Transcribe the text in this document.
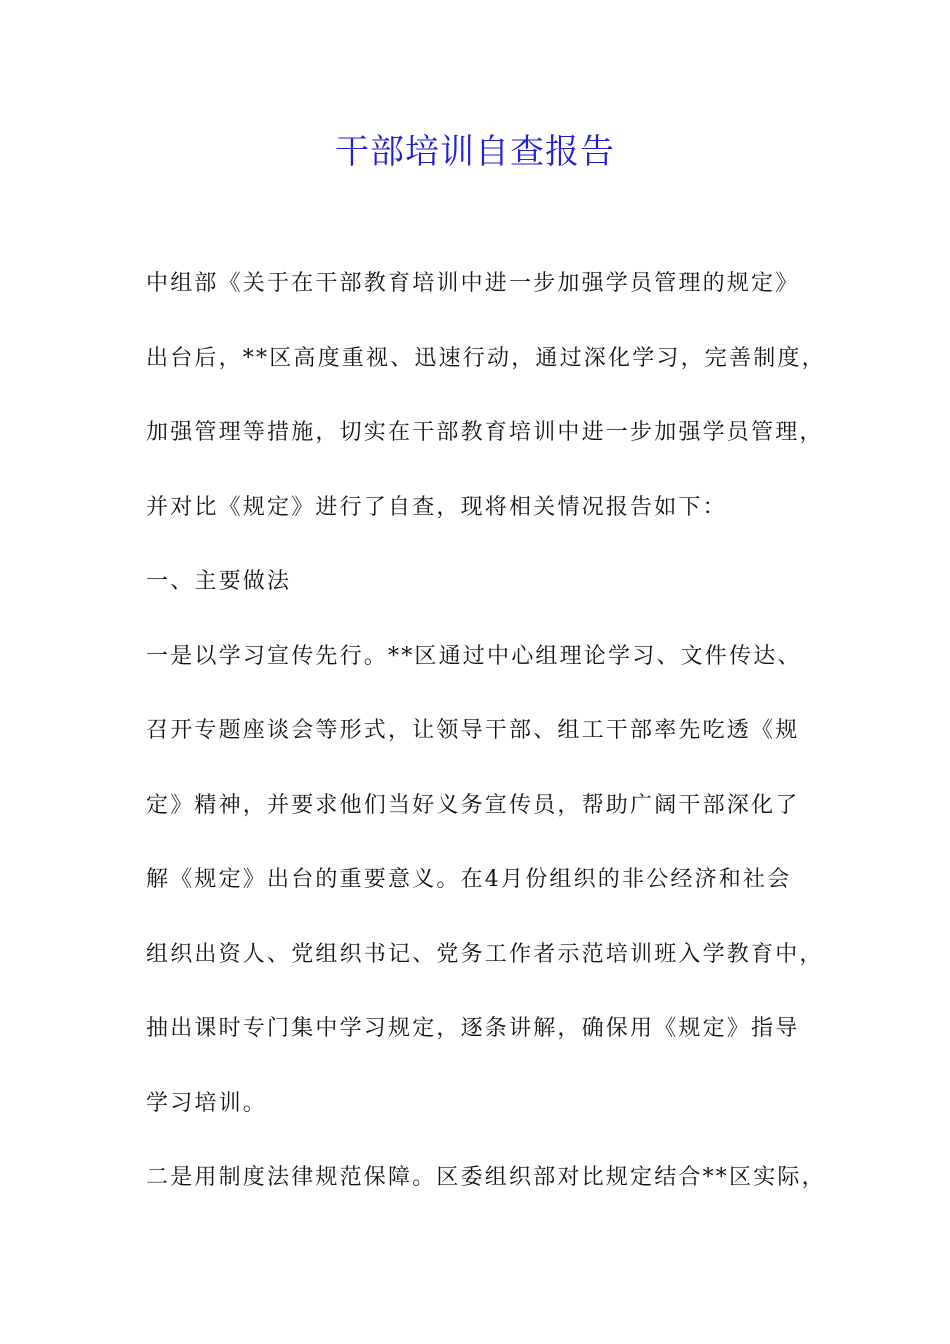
干部培训自查报告
中组部《关于在干部教育培训中进一步加强学员管理的规定》
出台后，**区高度重视、迅速行动，通过深化学习，完善制度，
加强管理等措施，切实在干部教育培训中进一步加强学员管理，
并对比《规定》进行了自查，现将相关情况报告如下：
一、主要做法
一是以学习宣传先行。**区通过中心组理论学习、文件传达、
召开专题座谈会等形式，让领导干部、组工干部率先吃透《规
定》精神，并要求他们当好义务宣传员，帮助广阔干部深化了
解《规定》出台的重要意义。在4月份组织的非公经济和社会
组织出资人、党组织书记、党务工作者示范培训班入学教育中，
抽出课时专门集中学习规定，逐条讲解，确保用《规定》指导
学习培训。
二是用制度法律规范保障。区委组织部对比规定结合**区实际，
